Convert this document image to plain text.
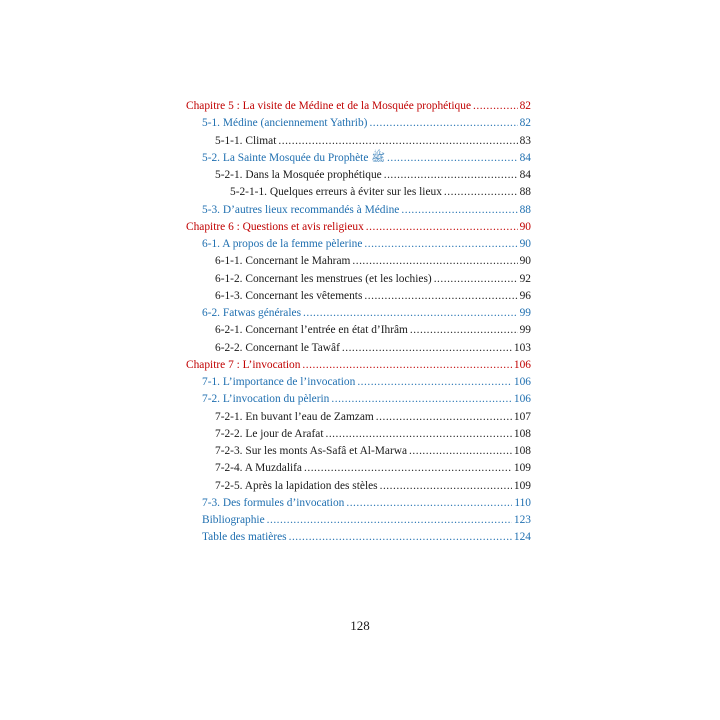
Chapitre 5 : La visite de Médine et de la Mosquée prophétique .....	82
5-1. Médine (anciennement Yathrib) .....	82
5-1-1. Climat .....	83
5-2. La Sainte Mosquée du Prophète ﷺ .....	84
5-2-1. Dans la Mosquée prophétique .....	84
5-2-1-1. Quelques erreurs à éviter sur les lieux .....	88
5-3. D’autres lieux recommandés à Médine .....	88
Chapitre 6 : Questions et avis religieux .....	90
6-1. A propos de la femme pèlerine .....	90
6-1-1. Concernant le Mahram .....	90
6-1-2. Concernant les menstrues (et les lochies) .....	92
6-1-3. Concernant les vêtements .....	96
6-2. Fatwas générales .....	99
6-2-1. Concernant l’entrée en état d’Ihrâm .....	99
6-2-2. Concernant le Tawâf .....	103
Chapitre 7 : L’invocation .....	106
7-1. L’importance de l’invocation .....	106
7-2. L’invocation du pèlerin .....	106
7-2-1. En buvant l’eau de Zamzam .....	107
7-2-2. Le jour de Arafat .....	108
7-2-3. Sur les monts As-Safâ et Al-Marwa .....	108
7-2-4. A Muzdalifa .....	109
7-2-5. Après la lapidation des stèles .....	109
7-3. Des formules d’invocation .....	110
Bibliographie .....	123
Table des matières .....	124
128
